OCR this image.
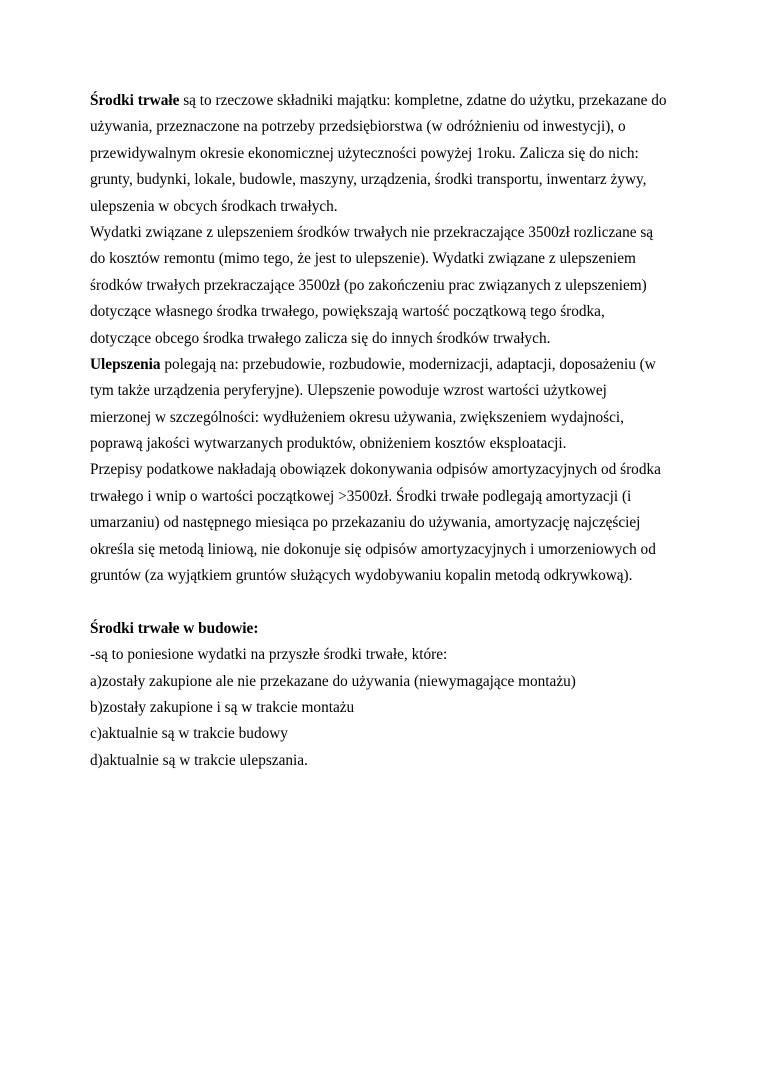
Środki trwałe są to rzeczowe składniki majątku: kompletne, zdatne do użytku, przekazane do
używania, przeznaczone na potrzeby przedsiębiorstwa (w odróżnieniu od inwestycji), o
przewidywalnym okresie ekonomicznej użyteczności powyżej 1roku. Zalicza się do nich:
grunty, budynki, lokale, budowle, maszyny, urządzenia, środki transportu, inwentarz żywy,
ulepszenia w obcych środkach trwałych.
Wydatki związane z ulepszeniem środków trwałych nie przekraczające 3500zł rozliczane są
do kosztów remontu (mimo tego, że jest to ulepszenie). Wydatki związane z ulepszeniem
środków trwałych przekraczające 3500zł (po zakończeniu prac związanych z ulepszeniem)
dotyczące własnego środka trwałego, powiększają wartość początkową tego środka,
dotyczące obcego środka trwałego zalicza się do innych środków trwałych.
Ulepszenia polegają na: przebudowie, rozbudowie, modernizacji, adaptacji, doposażeniu (w
tym także urządzenia peryferyjne). Ulepszenie powoduje wzrost wartości użytkowej
mierzonej w szczególności: wydłużeniem okresu używania, zwiększeniem wydajności,
poprawą jakości wytwarzanych produktów, obniżeniem kosztów eksploatacji.
Przepisy podatkowe nakładają obowiązek dokonywania odpisów amortyzacyjnych od środka
trwałego i wnip o wartości początkowej >3500zł. Środki trwałe podlegają amortyzacji (i
umarzaniu) od następnego miesiąca po przekazaniu do używania, amortyzację najczęściej
określa się metodą liniową, nie dokonuje się odpisów amortyzacyjnych i umorzeniowych od
gruntów (za wyjątkiem gruntów służących wydobywaniu kopalin metodą odkrywkową).
Środki trwałe w budowie:
-są to poniesione wydatki na przyszłe środki trwałe, które:
a)zostały zakupione ale nie przekazane do używania (niewymagające montażu)
b)zostały zakupione i są w trakcie montażu
c)aktualnie są w trakcie budowy
d)aktualnie są w trakcie ulepszania.
